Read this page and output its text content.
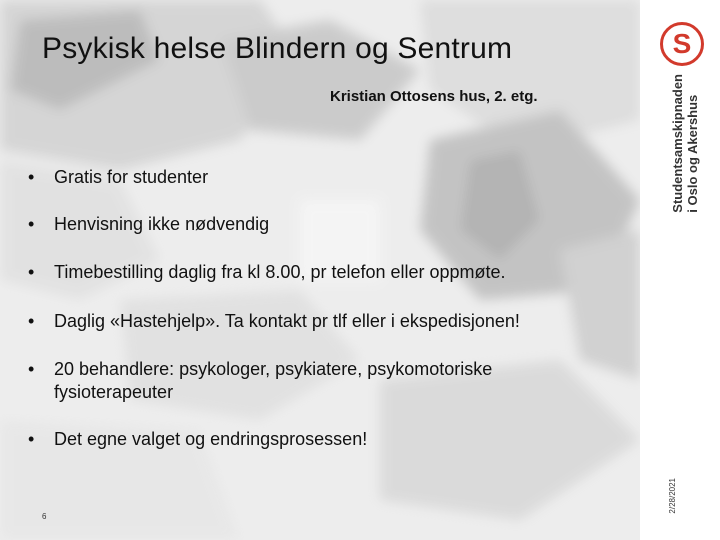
Psykisk helse Blindern og Sentrum

Kristian Ottosens hus, 2. etg.

•	Gratis for studenter
•	Henvisning ikke nødvendig
•	Timebestilling daglig fra kl 8.00, pr telefon eller oppmøte.
•	Daglig «Hastehjelp». Ta kontakt pr tlf eller i ekspedisjonen!
•	20 behandlere: psykologer, psykiatere, psykomotoriske fysioterapeuter
•	Det egne valget og endringsprosessen!
S
Studentsamskipnaden
i Oslo og Akershus
2/28/2021
6
